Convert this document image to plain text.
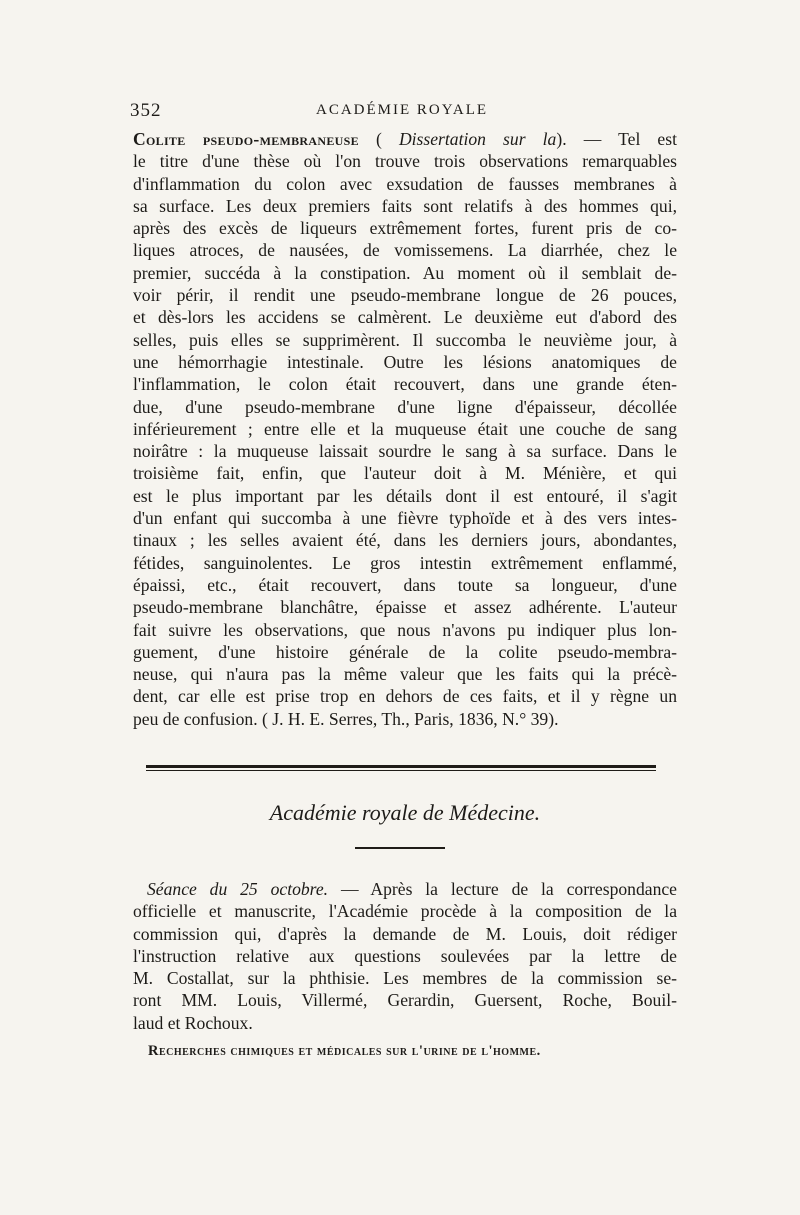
352	ACADÉMIE ROYALE
Colite pseudo-membraneuse ( Dissertation sur la). — Tel est
le titre d'une thèse où l'on trouve trois observations remarquables
d'inflammation du colon avec exsudation de fausses membranes à
sa surface. Les deux premiers faits sont relatifs à des hommes qui,
après des excès de liqueurs extrêmement fortes, furent pris de co-
liques atroces, de nausées, de vomissemens. La diarrhée, chez le
premier, succéda à la constipation. Au moment où il semblait de-
voir périr, il rendit une pseudo-membrane longue de 26 pouces,
et dès-lors les accidens se calmèrent. Le deuxième eut d'abord des
selles, puis elles se supprimèrent. Il succomba le neuvième jour, à
une hémorrhagie intestinale. Outre les lésions anatomiques de
l'inflammation, le colon était recouvert, dans une grande éten-
due, d'une pseudo-membrane d'une ligne d'épaisseur, décollée
inférieurement ; entre elle et la muqueuse était une couche de sang
noirâtre : la muqueuse laissait sourdre le sang à sa surface. Dans le
troisième fait, enfin, que l'auteur doit à M. Ménière, et qui
est le plus important par les détails dont il est entouré, il s'agit
d'un enfant qui succomba à une fièvre typhoïde et à des vers intes-
tinaux ; les selles avaient été, dans les derniers jours, abondantes,
fétides, sanguinolentes. Le gros intestin extrêmement enflammé,
épaissi, etc., était recouvert, dans toute sa longueur, d'une
pseudo-membrane blanchâtre, épaisse et assez adhérente. L'auteur
fait suivre les observations, que nous n'avons pu indiquer plus lon-
guement, d'une histoire générale de la colite pseudo-membra-
neuse, qui n'aura pas la même valeur que les faits qui la précè-
dent, car elle est prise trop en dehors de ces faits, et il y règne un
peu de confusion. ( J. H. E. Serres, Th., Paris, 1836, N.° 39).
Académie royale de Médecine.
Séance du 25 octobre. — Après la lecture de la correspondance
officielle et manuscrite, l'Académie procède à la composition de la
commission qui, d'après la demande de M. Louis, doit rédiger
l'instruction relative aux questions soulevées par la lettre de
M. Costallat, sur la phthisie. Les membres de la commission se-
ront MM. Louis, Villermé, Gerardin, Guersent, Roche, Bouil-
laud et Rochoux.
Recherches chimiques et médicales sur l'urine de l'homme.
